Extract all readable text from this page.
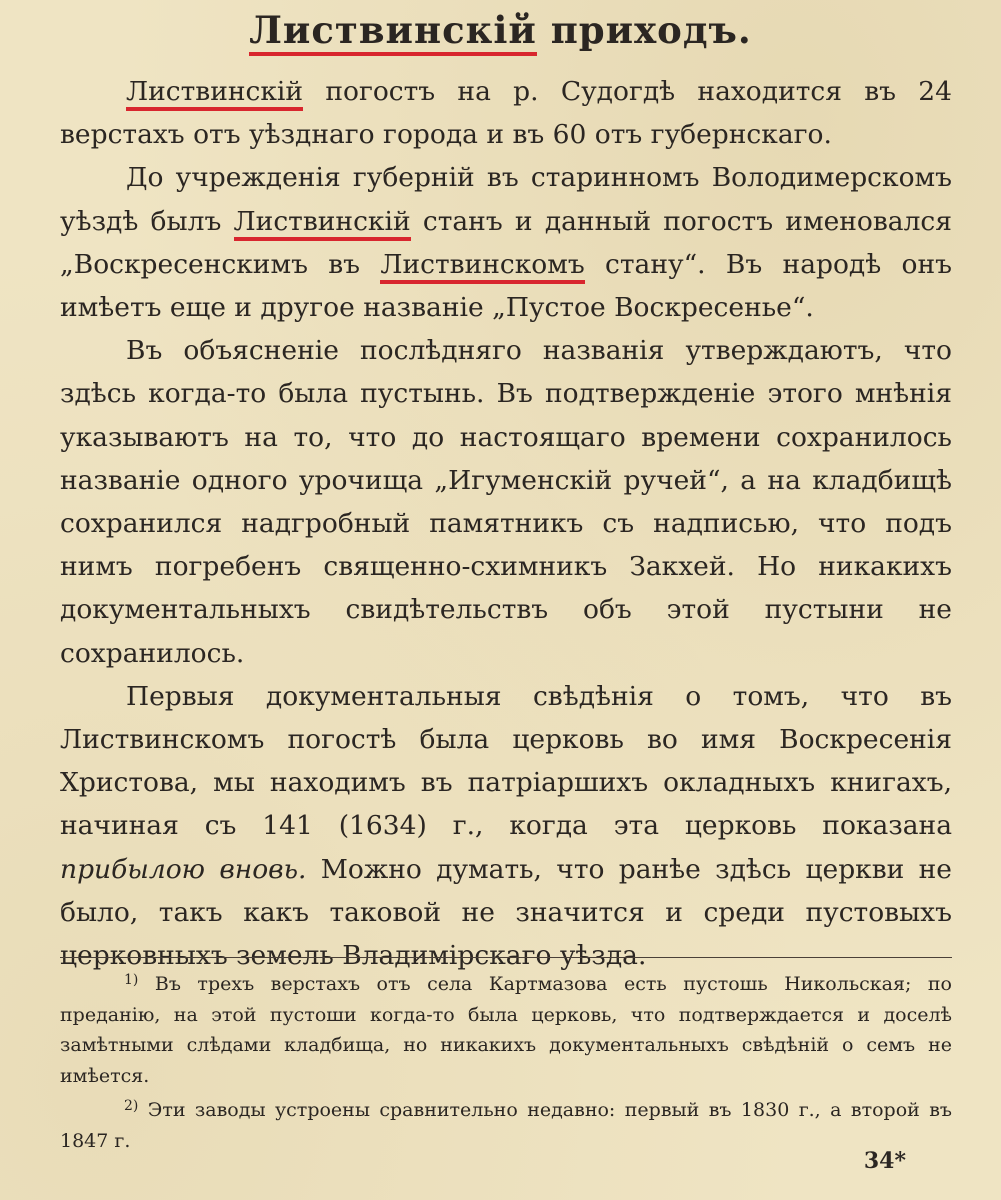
Листвинскій приходъ.

Листвинскій погостъ на р. Судогдѣ находится въ 24 верстахъ отъ уѣзднаго города и въ 60 отъ губернскаго.

До учрежденія губерній въ старинномъ Володимерскомъ уѣздѣ былъ Листвинскій станъ и данный погостъ именовался „Воскресенскимъ въ Листвинскомъ стану“. Въ народѣ онъ имѣетъ еще и другое названіе „Пустое Воскресенье“.

Въ объясненіе послѣдняго названія утверждаютъ, что здѣсь когда-то была пустынь. Въ подтвержденіе этого мнѣнія указываютъ на то, что до настоящаго времени сохранилось названіе одного урочища „Игуменскій ручей“, а на кладбищѣ сохранился надгробный памятникъ съ надписью, что подъ нимъ погребенъ священно-схимникъ Закхей. Но никакихъ документальныхъ свидѣтельствъ объ этой пустыни не сохранилось.

Первыя документальныя свѣдѣнія о томъ, что въ Листвинскомъ погостѣ была церковь во имя Воскресенія Христова, мы находимъ въ патріаршихъ окладныхъ книгахъ, начиная съ 141 (1634) г., когда эта церковь показана прибылою вновь. Можно думать, что ранѣе здѣсь церкви не было, такъ какъ таковой не значится и среди пустовыхъ церковныхъ земель Владимірскаго уѣзда.

$^{1)}$ Въ трехъ верстахъ отъ села Картмазова есть пустошь Никольская; по преданію, на этой пустоши когда-то была церковь, что подтверждается и доселѣ замѣтными слѣдами кладбища, но никакихъ документальныхъ свѣдѣній о семъ не имѣется.

$^{2)}$ Эти заводы устроены сравнительно недавно: первый въ 1830 г., а второй въ 1847 г.

34*
